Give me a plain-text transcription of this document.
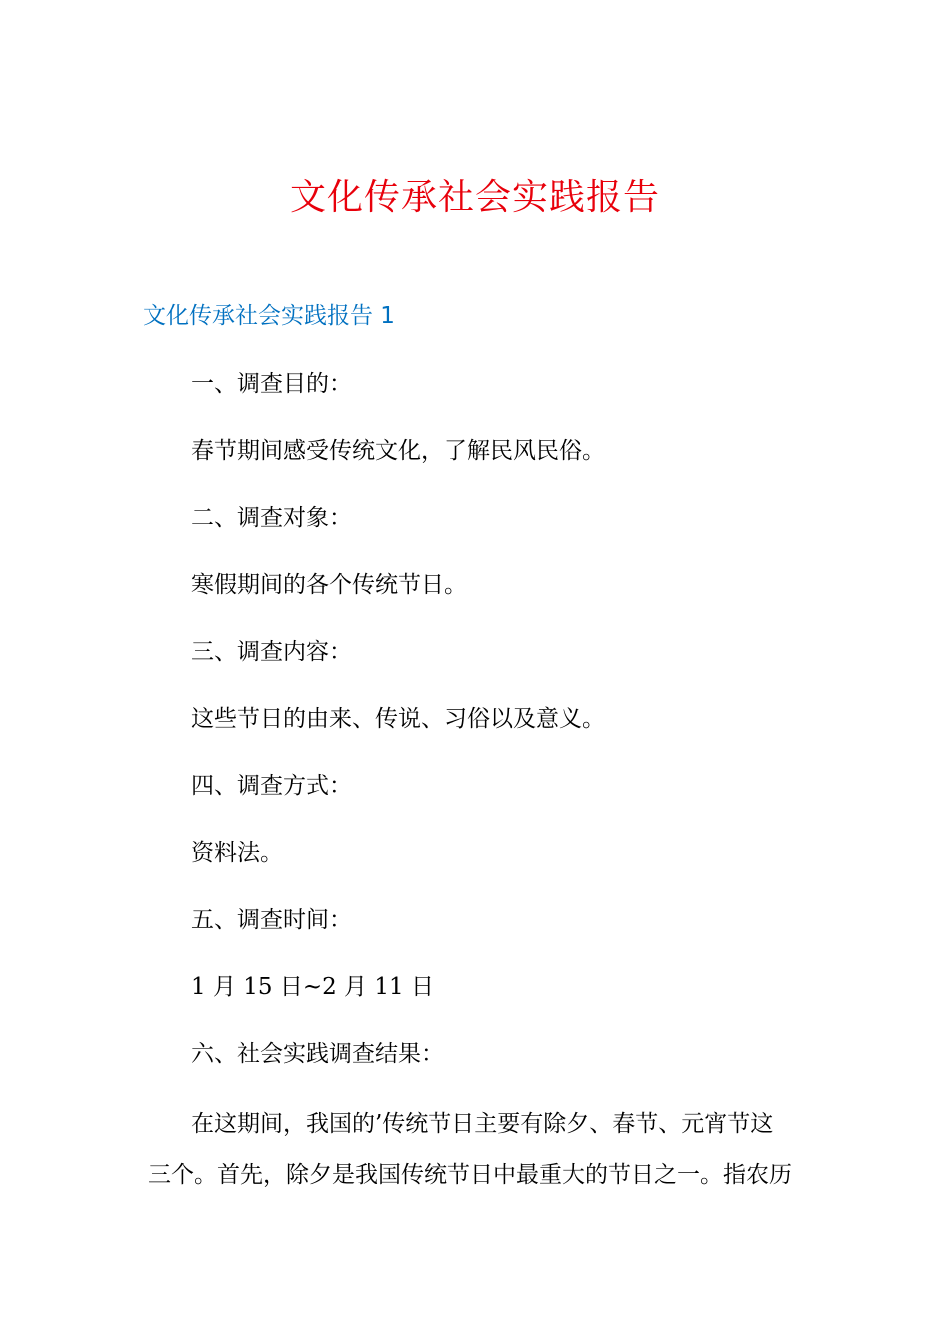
文化传承社会实践报告
文化传承社会实践报告 1
一、调查目的：
春节期间感受传统文化，了解民风民俗。
二、调查对象：
寒假期间的各个传统节日。
三、调查内容：
这些节日的由来、传说、习俗以及意义。
四、调查方式：
资料法。
五、调查时间：
1 月 15 日~2 月 11 日
六、社会实践调查结果：
在这期间，我国的’传统节日主要有除夕、春节、元宵节这
三个。首先，除夕是我国传统节日中最重大的节日之一。指农历
